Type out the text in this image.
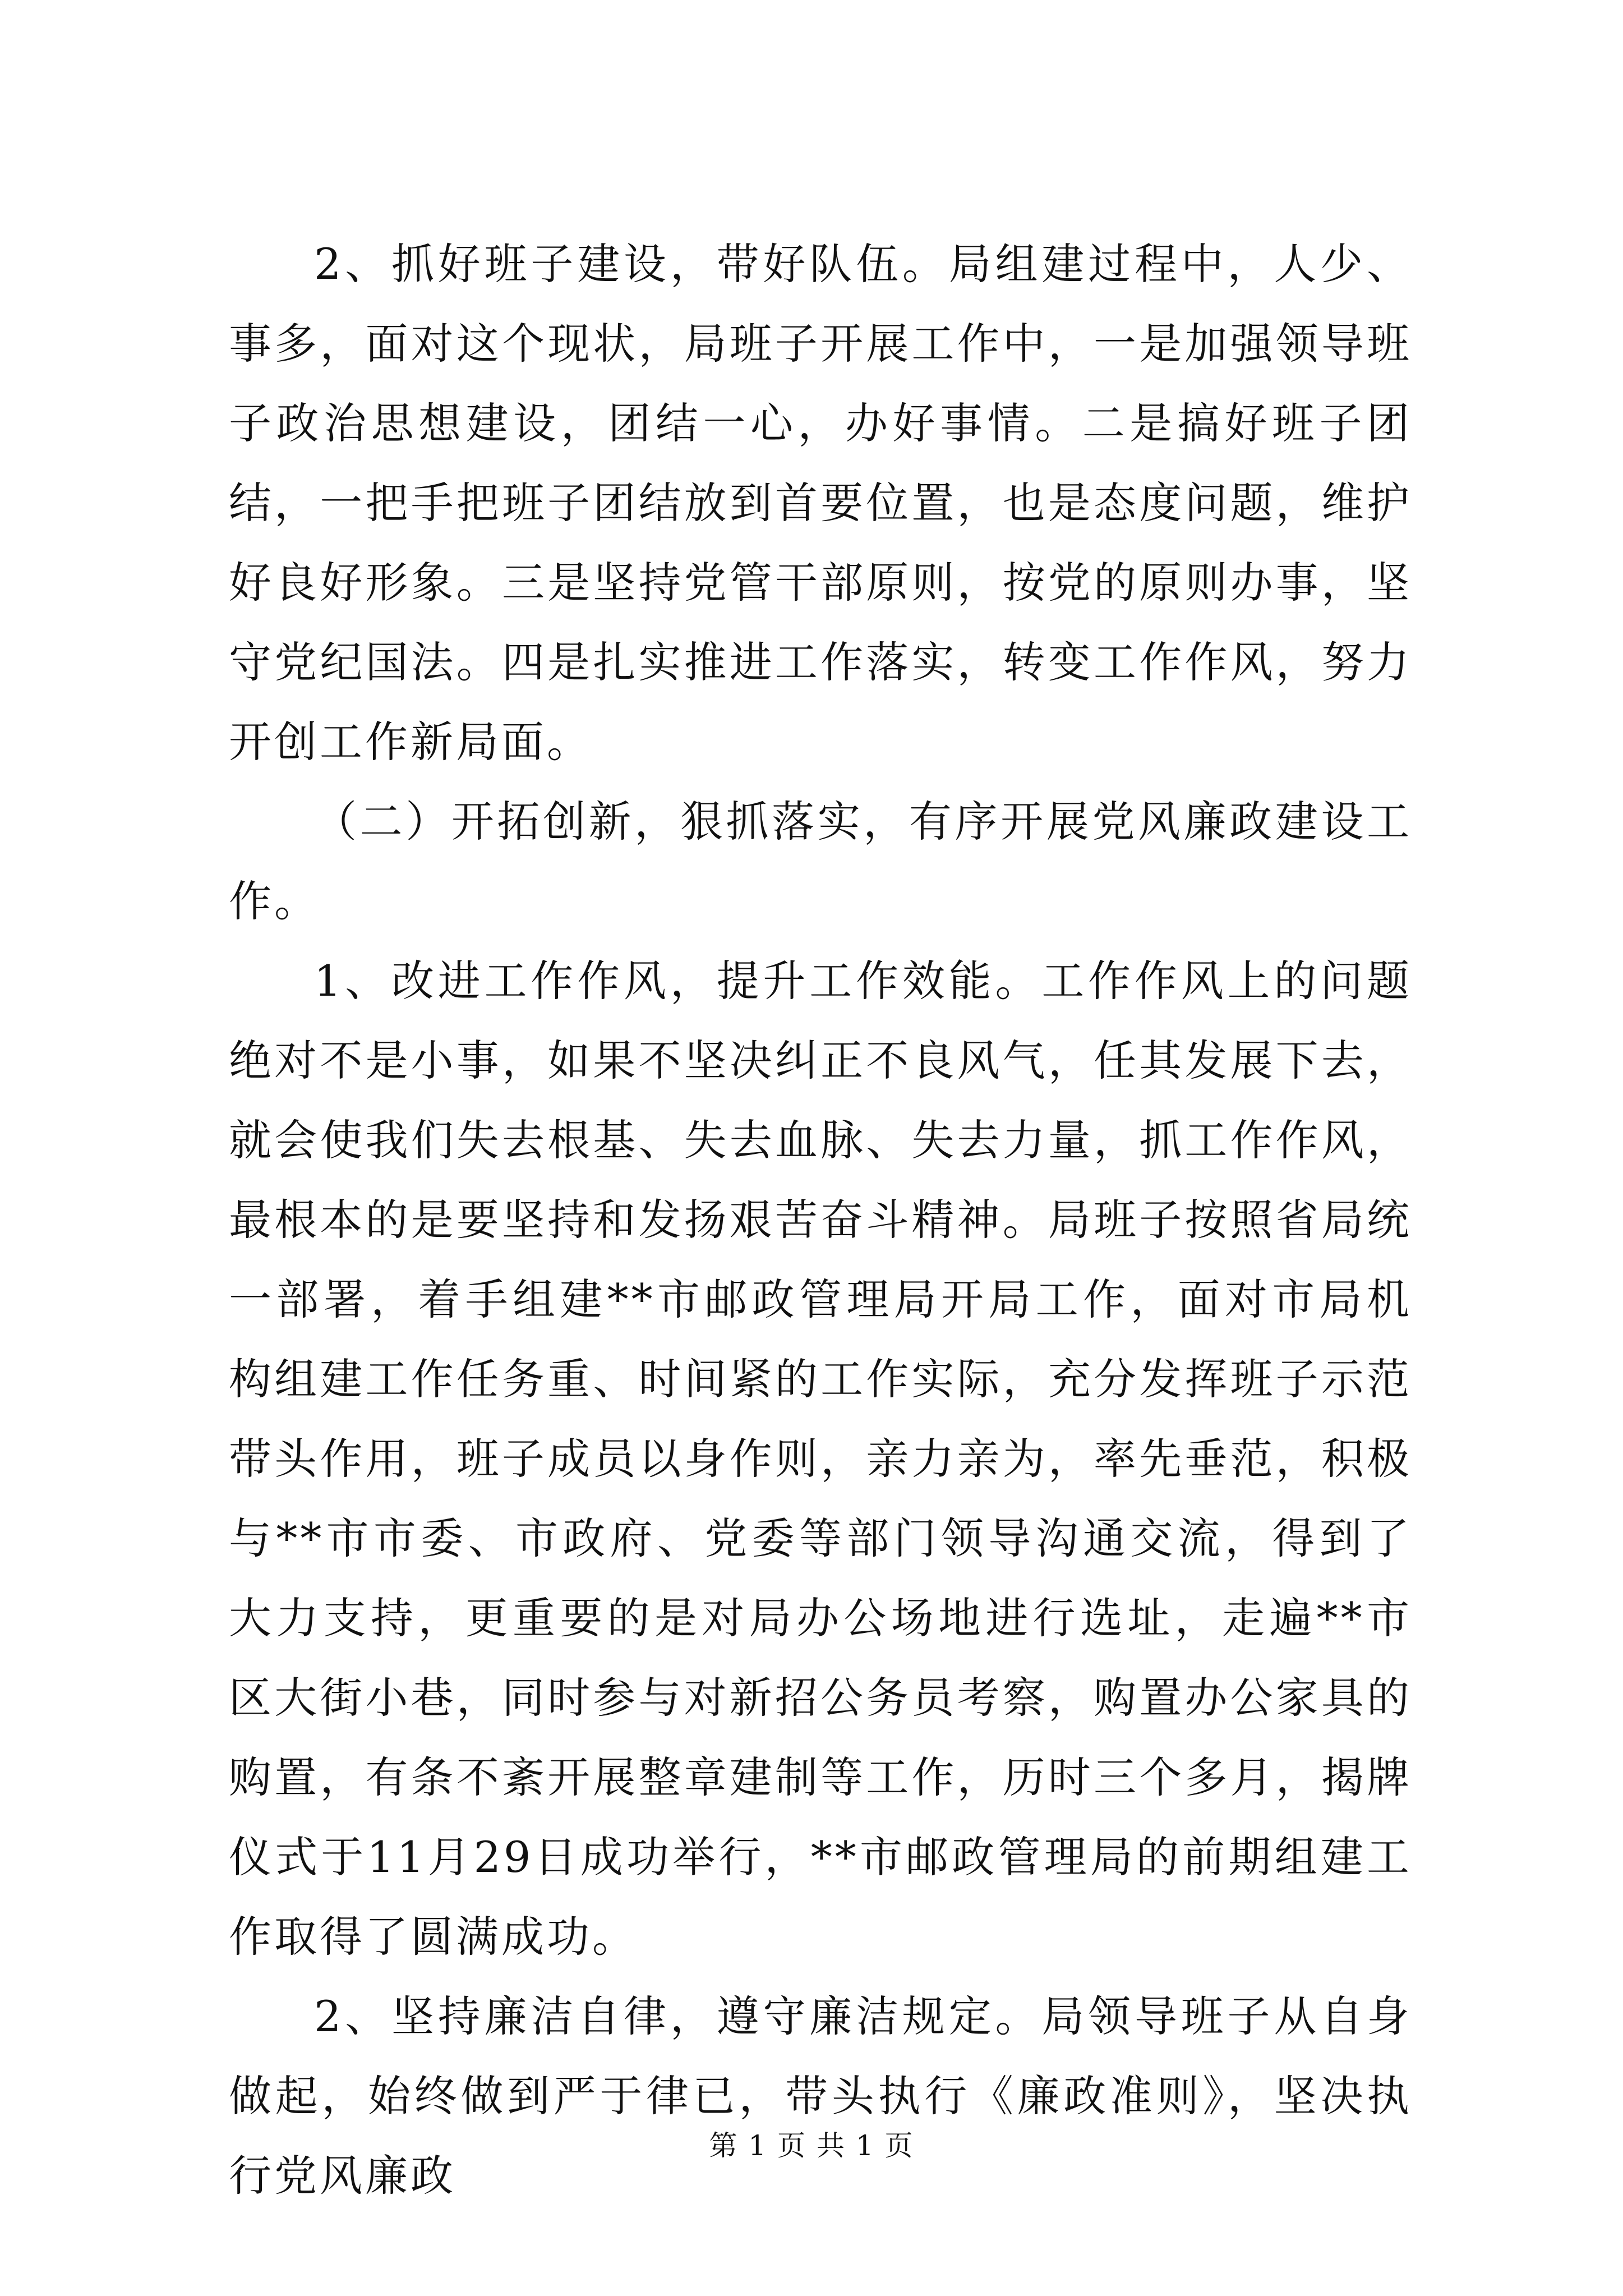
2、抓好班子建设，带好队伍。局组建过程中，人少、事多，面对这个现状，局班子开展工作中，一是加强领导班子政治思想建设，团结一心，办好事情。二是搞好班子团结，一把手把班子团结放到首要位置，也是态度问题，维护好良好形象。三是坚持党管干部原则，按党的原则办事，坚守党纪国法。四是扎实推进工作落实，转变工作作风，努力开创工作新局面。

（二）开拓创新，狠抓落实，有序开展党风廉政建设工作。

1、改进工作作风，提升工作效能。工作作风上的问题绝对不是小事，如果不坚决纠正不良风气，任其发展下去，就会使我们失去根基、失去血脉、失去力量，抓工作作风，最根本的是要坚持和发扬艰苦奋斗精神。局班子按照省局统一部署，着手组建**市邮政管理局开局工作，面对市局机构组建工作任务重、时间紧的工作实际，充分发挥班子示范带头作用，班子成员以身作则，亲力亲为，率先垂范，积极与**市市委、市政府、党委等部门领导沟通交流，得到了大力支持，更重要的是对局办公场地进行选址，走遍**市区大街小巷，同时参与对新招公务员考察，购置办公家具的购置，有条不紊开展整章建制等工作，历时三个多月，揭牌仪式于11月29日成功举行，**市邮政管理局的前期组建工作取得了圆满成功。

2、坚持廉洁自律，遵守廉洁规定。局领导班子从自身做起，始终做到严于律已，带头执行《廉政准则》，坚决执行党风廉政

第 1 页 共 1 页
